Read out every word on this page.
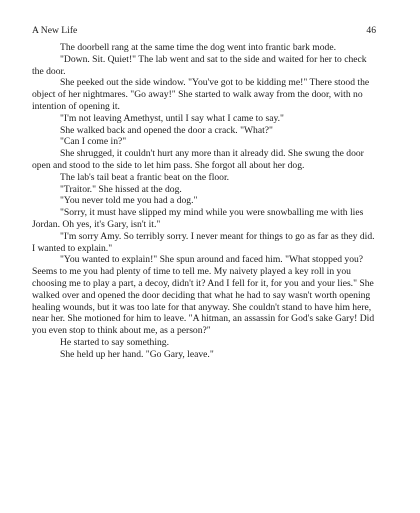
A New Life	46

The doorbell rang at the same time the dog went into frantic bark mode.

"Down. Sit. Quiet!" The lab went and sat to the side and waited for her to check the door.

She peeked out the side window. "You've got to be kidding me!" There stood the object of her nightmares. "Go away!" She started to walk away from the door, with no intention of opening it.

"I'm not leaving Amethyst, until I say what I came to say."

She walked back and opened the door a crack. "What?"

"Can I come in?"

She shrugged, it couldn't hurt any more than it already did. She swung the door open and stood to the side to let him pass. She forgot all about her dog.

The lab's tail beat a frantic beat on the floor.

"Traitor." She hissed at the dog.

"You never told me you had a dog."

"Sorry, it must have slipped my mind while you were snowballing me with lies Jordan. Oh yes, it's Gary, isn't it."

"I'm sorry Amy. So terribly sorry. I never meant for things to go as far as they did. I wanted to explain."

"You wanted to explain!" She spun around and faced him. "What stopped you? Seems to me you had plenty of time to tell me. My naivety played a key roll in you choosing me to play a part, a decoy, didn't it? And I fell for it, for you and your lies." She walked over and opened the door deciding that what he had to say wasn't worth opening healing wounds, but it was too late for that anyway. She couldn't stand to have him here, near her. She motioned for him to leave. "A hitman, an assassin for God's sake Gary! Did you even stop to think about me, as a person?"

He started to say something.

She held up her hand. "Go Gary, leave."
